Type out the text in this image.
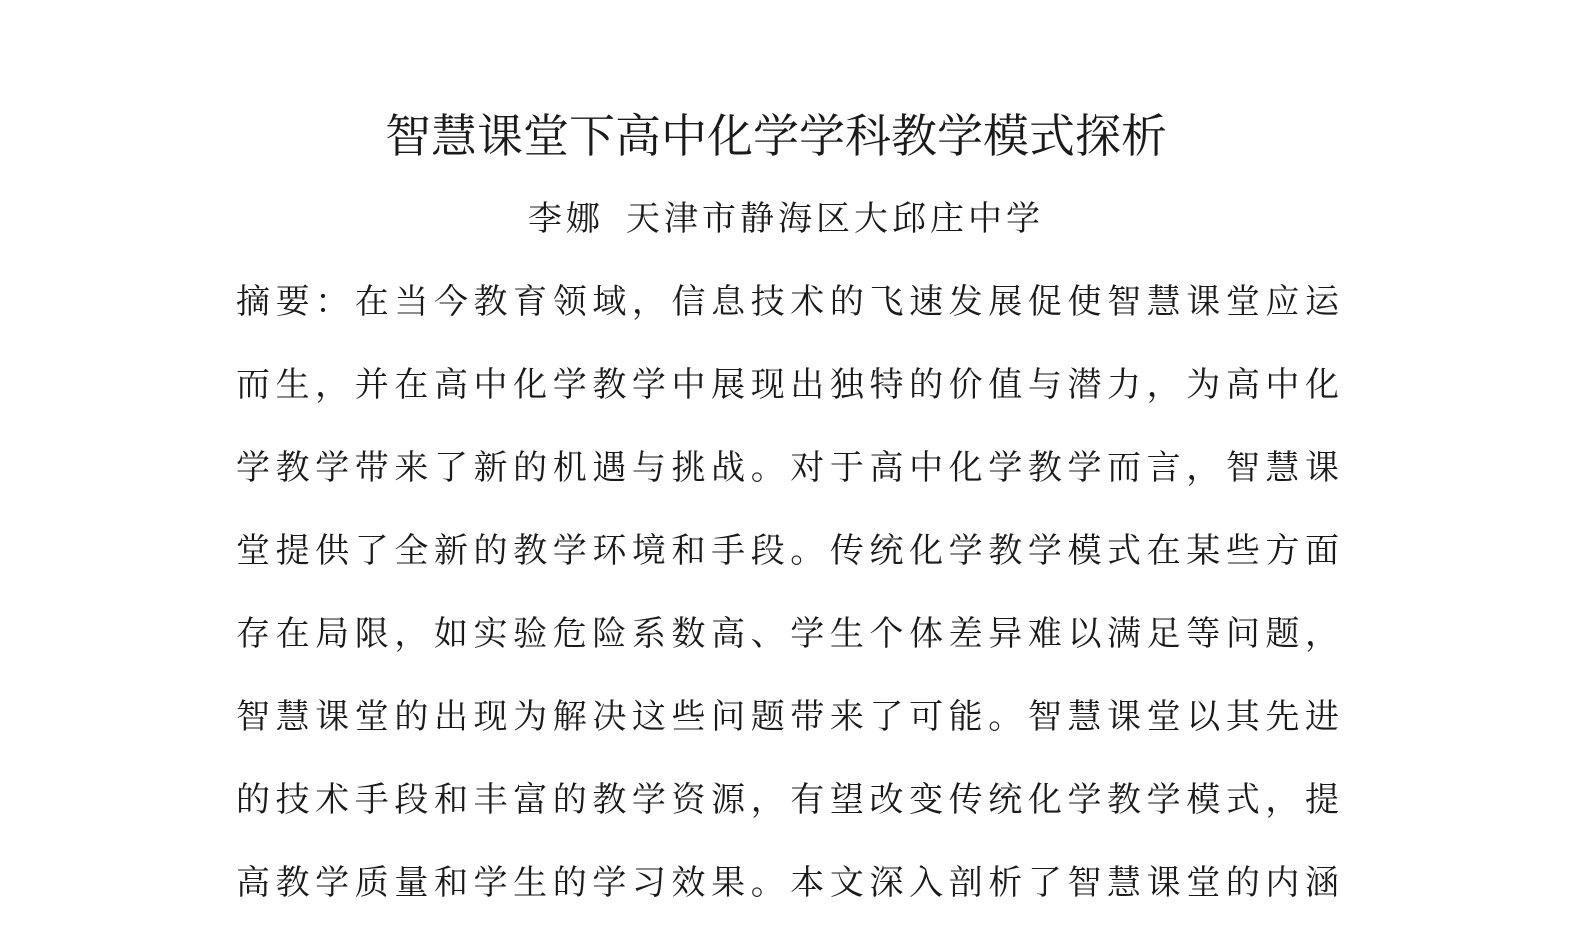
智慧课堂下高中化学学科教学模式探析
李娜 天津市静海区大邱庄中学
摘要：在当今教育领域，信息技术的飞速发展促使智慧课堂应运
而生，并在高中化学教学中展现出独特的价值与潜力，为高中化
学教学带来了新的机遇与挑战。对于高中化学教学而言，智慧课
堂提供了全新的教学环境和手段。传统化学教学模式在某些方面
存在局限，如实验危险系数高、学生个体差异难以满足等问题，
智慧课堂的出现为解决这些问题带来了可能。智慧课堂以其先进
的技术手段和丰富的教学资源，有望改变传统化学教学模式，提
高教学质量和学生的学习效果。本文深入剖析了智慧课堂的内涵
